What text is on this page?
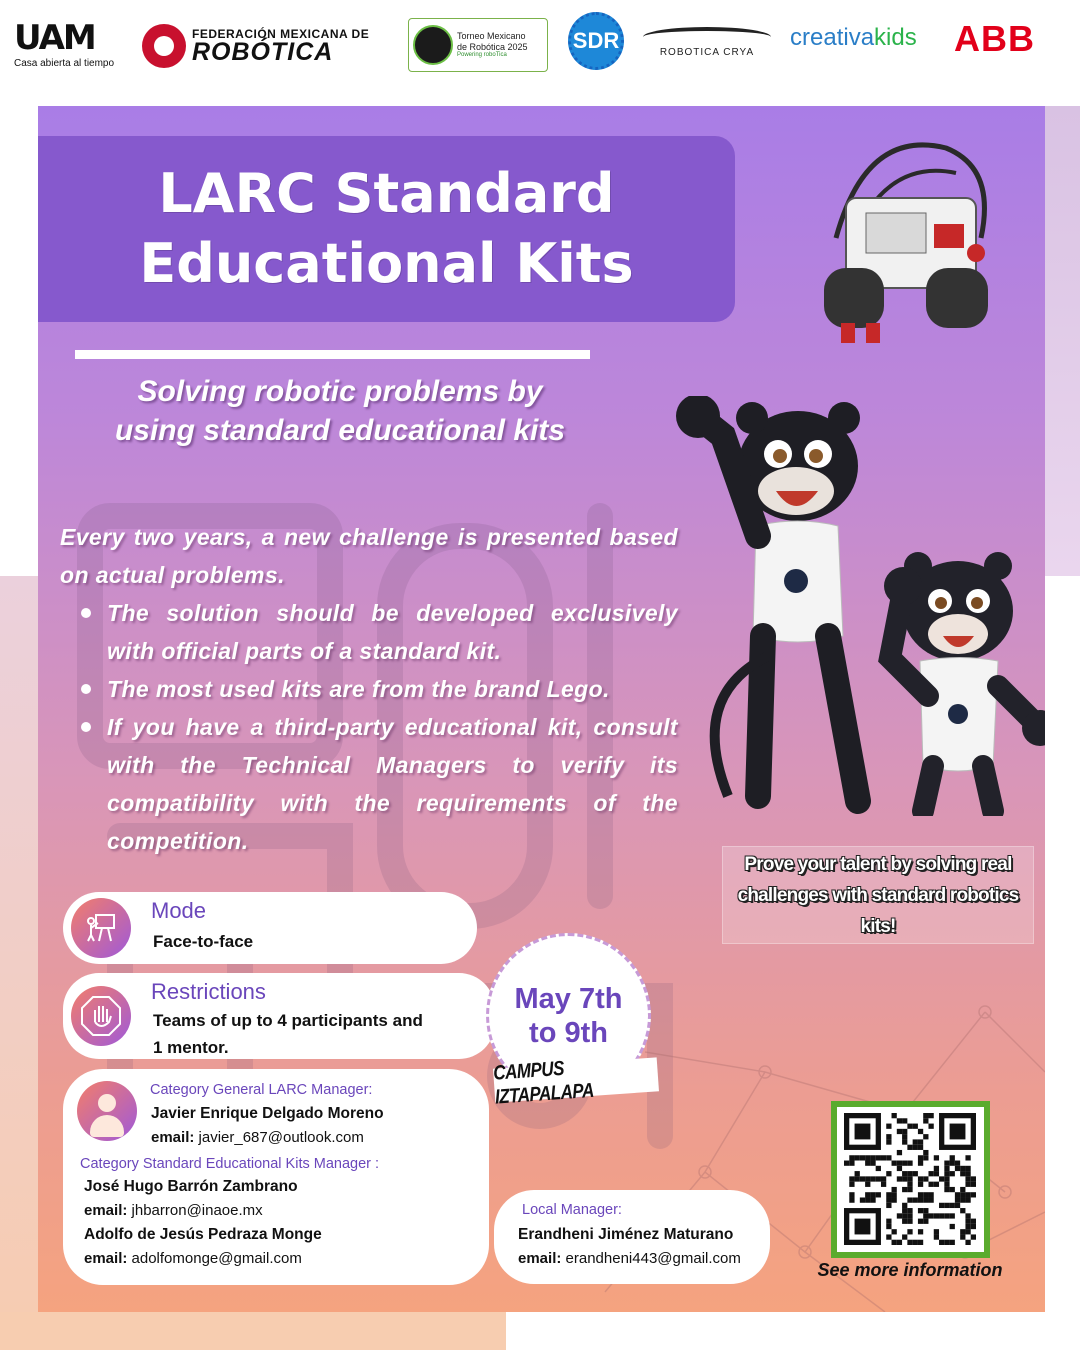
UAM
Casa abierta al tiempo
FEDERACIÓN MEXICANA DE
ROBÓTICA
Torneo Mexicano
de Robótica 2025
Powering roboTica
SDR	ROBOTICA CRYA
creativa kids ABB
LARC Standard
Educational Kits
Solving robotic problems by
using standard educational kits

Every two years, a new challenge is presented based on actual problems.

The solution should be developed exclusively with official parts of a standard kit.
The most used kits are from the brand Lego.
If you have a third-party educational kit, consult with the Technical Managers to verify its compatibility with the requirements of the competition.
Prove your talent by solving real challenges with standard robotics kits!
Mode
Face-to-face
Restrictions
Teams of up to 4 participants and
1 mentor.
Category General LARC Manager:
Javier Enrique Delgado Moreno
email: javier_687@outlook.com
Category Standard Educational Kits Manager :
José Hugo Barrón Zambrano
email: jhbarron@inaoe.mx
Adolfo de Jesús Pedraza Monge
email: adolfomonge@gmail.com
Local Manager:
Erandheni Jiménez Maturano
email: erandheni443@gmail.com
May 7th to 9th
CAMPUS IZTAPALAPA
See more information
